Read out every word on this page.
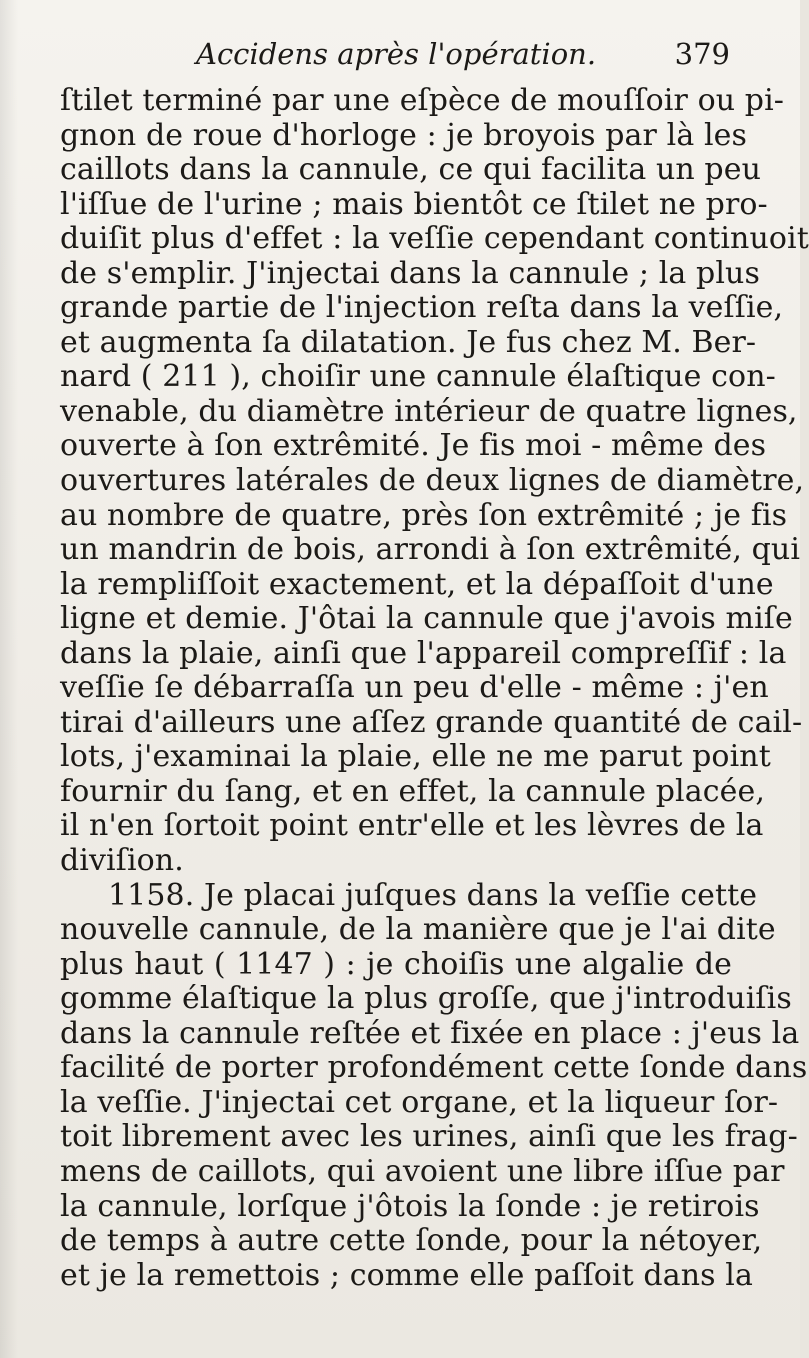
Accidens après l'opération.	379
ſtilet terminé par une eſpèce de mouſſoir ou pi-
gnon de roue d'horloge : je broyois par là les
caillots dans la cannule, ce qui facilita un peu
l'iſſue de l'urine ; mais bientôt ce ſtilet ne pro-
duiſit plus d'effet : la veſſie cependant continuoit
de s'emplir. J'injectai dans la cannule ; la plus
grande partie de l'injection reſta dans la veſſie,
et augmenta ſa dilatation. Je fus chez M. Ber-
nard ( 211 ), choiſir une cannule élaſtique con-
venable, du diamètre intérieur de quatre lignes,
ouverte à ſon extrêmité. Je fis moi - même des
ouvertures latérales de deux lignes de diamètre,
au nombre de quatre, près ſon extrêmité ; je fis
un mandrin de bois, arrondi à ſon extrêmité, qui
la rempliſſoit exactement, et la dépaſſoit d'une
ligne et demie. J'ôtai la cannule que j'avois miſe
dans la plaie, ainſi que l'appareil compreſſif : la
veſſie ſe débarraſſa un peu d'elle - même : j'en
tirai d'ailleurs une aſſez grande quantité de cail-
lots, j'examinai la plaie, elle ne me parut point
fournir du ſang, et en effet, la cannule placée,
il n'en ſortoit point entr'elle et les lèvres de la
diviſion.
1158. Je placai juſques dans la veſſie cette
nouvelle cannule, de la manière que je l'ai dite
plus haut ( 1147 ) : je choiſis une algalie de
gomme élaſtique la plus groſſe, que j'introduiſis
dans la cannule reſtée et fixée en place : j'eus la
facilité de porter profondément cette ſonde dans
la veſſie. J'injectai cet organe, et la liqueur ſor-
toit librement avec les urines, ainſi que les frag-
mens de caillots, qui avoient une libre iſſue par
la cannule, lorſque j'ôtois la ſonde : je retirois
de temps à autre cette ſonde, pour la nétoyer,
et je la remettois ; comme elle paſſoit dans la
